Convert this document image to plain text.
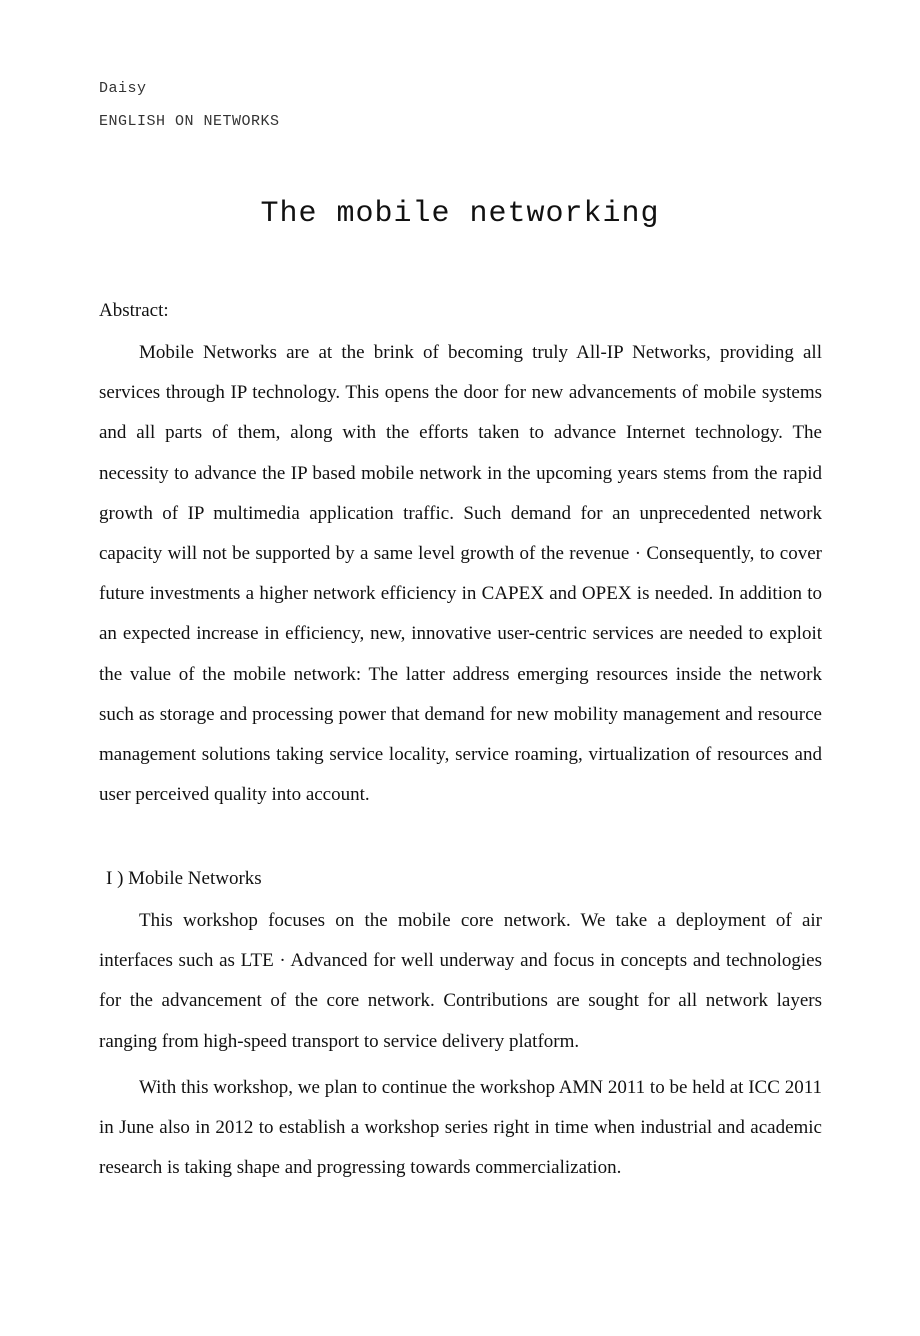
Daisy
ENGLISH ON NETWORKS
The mobile networking
Abstract:

Mobile Networks are at the brink of becoming truly All-IP Networks, providing all services through IP technology. This opens the door for new advancements of mobile systems and all parts of them, along with the efforts taken to advance Internet technology. The necessity to advance the IP based mobile network in the upcoming years stems from the rapid growth of IP multimedia application traffic. Such demand for an unprecedented network capacity will not be supported by a same level growth of the revenue · Consequently, to cover future investments a higher network efficiency in CAPEX and OPEX is needed. In addition to an expected increase in efficiency, new, innovative user-centric services are needed to exploit the value of the mobile network: The latter address emerging resources inside the network such as storage and processing power that demand for new mobility management and resource management solutions taking service locality, service roaming, virtualization of resources and user perceived quality into account.

I ) Mobile Networks

This workshop focuses on the mobile core network. We take a deployment of air interfaces such as LTE · Advanced for well underway and focus in concepts and technologies for the advancement of the core network. Contributions are sought for all network layers ranging from high-speed transport to service delivery platform.

With this workshop, we plan to continue the workshop AMN 2011 to be held at ICC 2011 in June also in 2012 to establish a workshop series right in time when industrial and academic research is taking shape and progressing towards commercialization.
